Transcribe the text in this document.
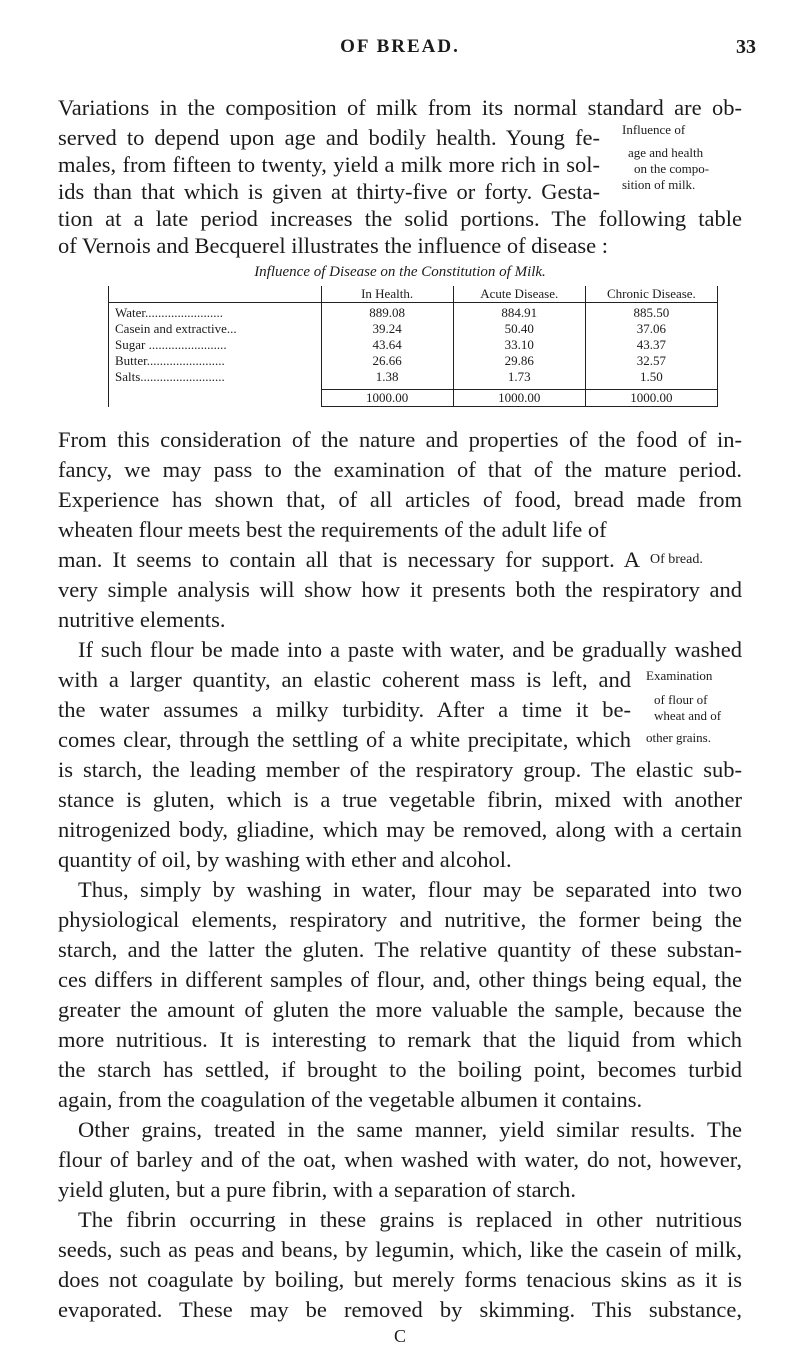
OF BREAD.	33
Variations in the composition of milk from its normal standard are ob-
served to depend upon age and bodily health. Young fe-
males, from fifteen to twenty, yield a milk more rich in sol-
ids than that which is given at thirty-five or forty. Gesta-
tion at a late period increases the solid portions. The following table
of Vernois and Becquerel illustrates the influence of disease :
Influence of
age and health
on the compo-
sition of milk.
Influence of Disease on the Constitution of Milk.
	In Health.	Acute Disease.	Chronic Disease.
Water........................	889.08	884.91	885.50
Casein and extractive...	39.24	50.40	37.06
Sugar ........................	43.64	33.10	43.37
Butter........................	26.66	29.86	32.57
Salts..........................	1.38	1.73	1.50
	1000.00	1000.00	1000.00
From this consideration of the nature and properties of the food of in-
fancy, we may pass to the examination of that of the mature period.
Experience has shown that, of all articles of food, bread made from
wheaten flour meets best the requirements of the adult life of
man. It seems to contain all that is necessary for support. A
very simple analysis will show how it presents both the respiratory and
nutritive elements.
If such flour be made into a paste with water, and be gradually washed
with a larger quantity, an elastic coherent mass is left, and
the water assumes a milky turbidity. After a time it be-
comes clear, through the settling of a white precipitate, which
is starch, the leading member of the respiratory group. The elastic sub-
stance is gluten, which is a true vegetable fibrin, mixed with another
nitrogenized body, gliadine, which may be removed, along with a certain
quantity of oil, by washing with ether and alcohol.
Thus, simply by washing in water, flour may be separated into two
physiological elements, respiratory and nutritive, the former being the
starch, and the latter the gluten. The relative quantity of these substan-
ces differs in different samples of flour, and, other things being equal, the
greater the amount of gluten the more valuable the sample, because the
more nutritious. It is interesting to remark that the liquid from which
the starch has settled, if brought to the boiling point, becomes turbid
again, from the coagulation of the vegetable albumen it contains.
Other grains, treated in the same manner, yield similar results. The
flour of barley and of the oat, when washed with water, do not, however,
yield gluten, but a pure fibrin, with a separation of starch.
The fibrin occurring in these grains is replaced in other nutritious
seeds, such as peas and beans, by legumin, which, like the casein of milk,
does not coagulate by boiling, but merely forms tenacious skins as it is
evaporated. These may be removed by skimming. This substance,
Of bread.
Examination
of flour of
wheat and of
other grains.
C
